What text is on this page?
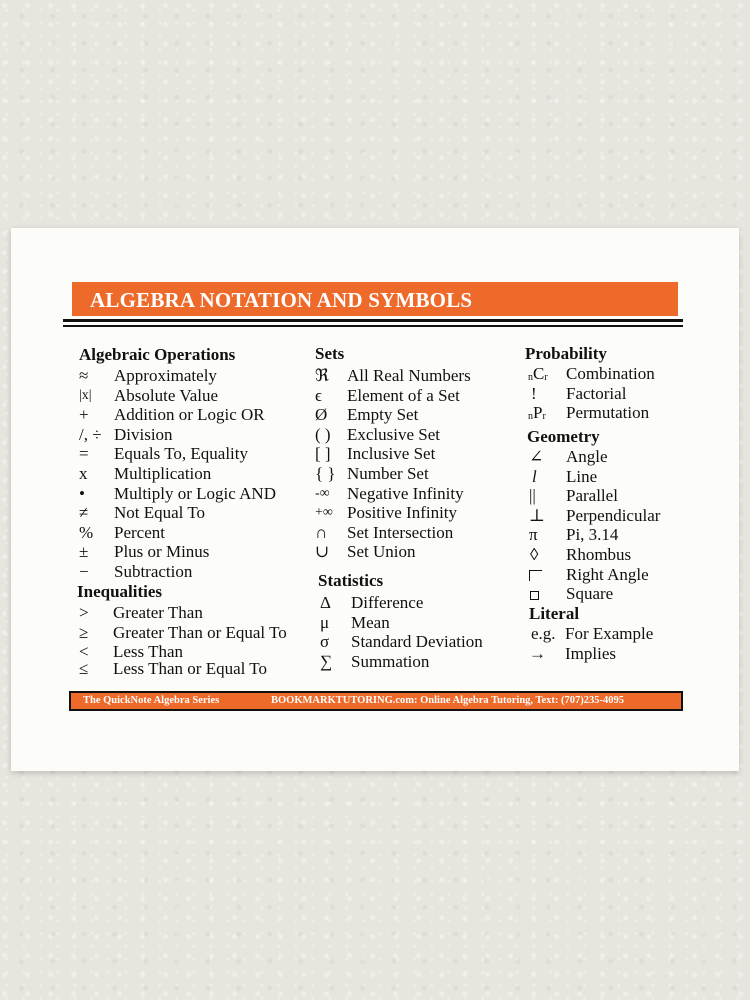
ALGEBRA NOTATION AND SYMBOLS
Algebraic Operations
≈ Approximately
|x| Absolute Value
+ Addition or Logic OR
/, ÷ Division
= Equals To, Equality
x Multiplication
• Multiply or Logic AND
≠ Not Equal To
% Percent
± Plus or Minus
− Subtraction
Inequalities
> Greater Than
≥ Greater Than or Equal To
< Less Than
≤ Less Than or Equal To
Sets
ℜ All Real Numbers
ϵ Element of a Set
Ø Empty Set
( ) Exclusive Set
[ ] Inclusive Set
{ } Number Set
-∞ Negative Infinity
+∞ Positive Infinity
∩ Set Intersection
∪ Set Union
Statistics
Δ Difference
μ Mean
σ Standard Deviation
∑ Summation
Probability
$_nC_r$ Combination
! Factorial
$_nP_r$ Permutation
Geometry
∠ Angle
l Line
|| Parallel
⊥ Perpendicular
π Pi, 3.14
◊ Rhombus
Right Angle
Square
Literal
e.g. For Example
→ Implies
The QuickNote Algebra Series	BOOKMARKTUTORING.com: Online Algebra Tutoring, Text: (707)235-4095
